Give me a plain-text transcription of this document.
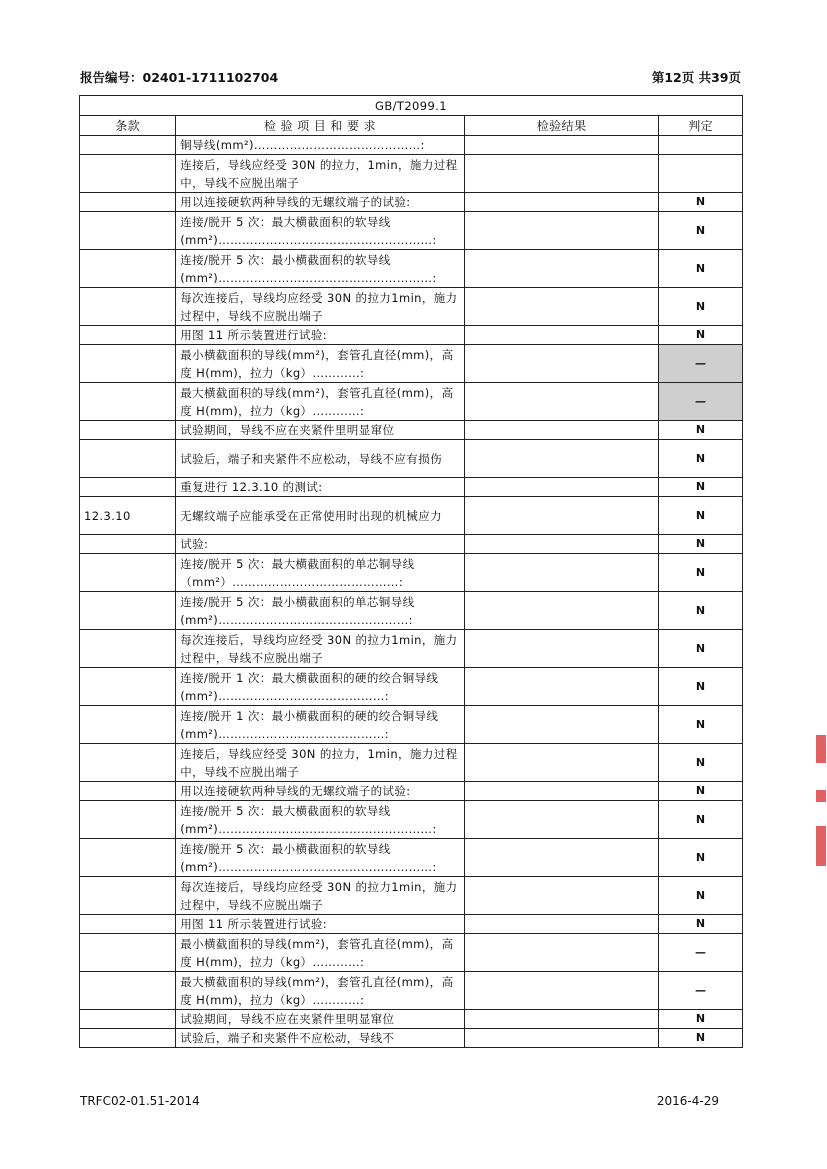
报告编号：02401-1711102704	第12页 共39页
GB/T2099.1			
条款	检 验 项 目 和 要 求	检验结果	判定
	铜导线(mm²)……………………………………:		
	连接后，导线应经受 30N 的拉力，1min，施力过程中，导线不应脱出端子		
	用以连接硬软两种导线的无螺纹端子的试验:		N
	连接/脱开 5 次：最大横截面积的软导线(mm²)………………………………………………:		N
	连接/脱开 5 次：最小横截面积的软导线(mm²)………………………………………………:		N
	每次连接后，导线均应经受 30N 的拉力1min，施力过程中，导线不应脱出端子		N
	用图 11 所示装置进行试验:		N
	最小横截面积的导线(mm²)，套管孔直径(mm)，高度 H(mm)，拉力（kg）…………:		—
	最大横截面积的导线(mm²)，套管孔直径(mm)，高度 H(mm)，拉力（kg）…………:		—
	试验期间，导线不应在夹紧件里明显窜位		N
	试验后，端子和夹紧件不应松动，导线不应有损伤		N
	重复进行 12.3.10 的测试:		N
12.3.10	无螺纹端子应能承受在正常使用时出现的机械应力		N
	试验:		N
	连接/脱开 5 次：最大横截面积的单芯铜导线（mm²）……………………………………:		N
	连接/脱开 5 次：最小横截面积的单芯铜导线(mm²)…………………………………………:		N
	每次连接后，导线均应经受 30N 的拉力1min，施力过程中，导线不应脱出端子		N
	连接/脱开 1 次：最大横截面积的硬的绞合铜导线(mm²)……………………………………:		N
	连接/脱开 1 次：最小横截面积的硬的绞合铜导线(mm²)……………………………………:		N
	连接后，导线应经受 30N 的拉力，1min，施力过程中，导线不应脱出端子		N
	用以连接硬软两种导线的无螺纹端子的试验:		N
	连接/脱开 5 次：最大横截面积的软导线(mm²)………………………………………………:		N
	连接/脱开 5 次：最小横截面积的软导线(mm²)………………………………………………:		N
	每次连接后，导线均应经受 30N 的拉力1min，施力过程中，导线不应脱出端子		N
	用图 11 所示装置进行试验:		N
	最小横截面积的导线(mm²)，套管孔直径(mm)，高度 H(mm)，拉力（kg）…………:		—
	最大横截面积的导线(mm²)，套管孔直径(mm)，高度 H(mm)，拉力（kg）…………:		—
	试验期间，导线不应在夹紧件里明显窜位		N
	试验后，端子和夹紧件不应松动，导线不		N
TRFC02-01.51-2014	2016-4-29
